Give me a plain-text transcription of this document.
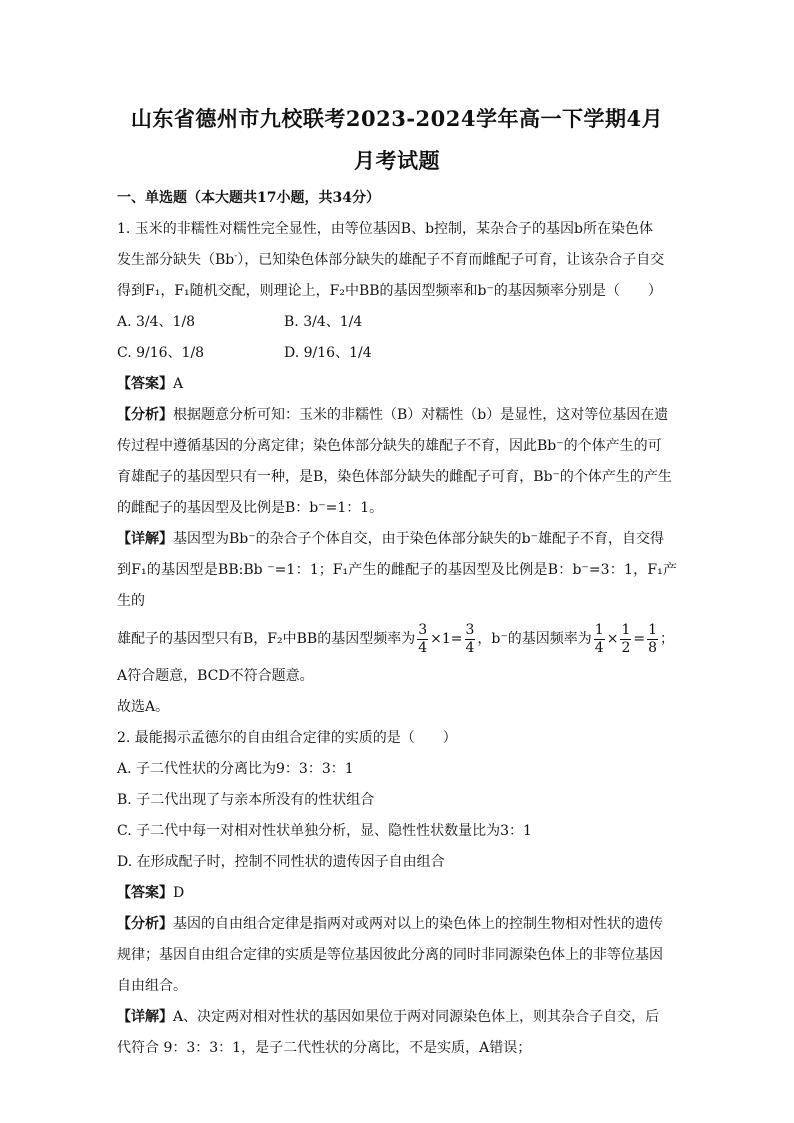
山东省德州市九校联考2023-2024学年高一下学期4月
月考试题

一、单选题（本大题共17小题，共34分）

1. 玉米的非糯性对糯性完全显性，由等位基因B、b控制，某杂合子的基因b所在染色体

发生部分缺失（Bb-），已知染色体部分缺失的雄配子不育而雌配子可育，让该杂合子自交

得到F₁，F₁随机交配，则理论上，F₂中BB的基因型频率和b⁻的基因频率分别是（　　）

A. 3/4、1/8	B. 3/4、1/4
C. 9/16、1/8	D. 9/16、1/4

【答案】A

【分析】根据题意分析可知：玉米的非糯性（B）对糯性（b）是显性，这对等位基因在遗

传过程中遵循基因的分离定律；染色体部分缺失的雄配子不育，因此Bb⁻的个体产生的可

育雄配子的基因型只有一种，是B，染色体部分缺失的雌配子可育，Bb⁻的个体产生的产生

的雌配子的基因型及比例是B：b⁻=1：1。

【详解】基因型为Bb⁻的杂合子个体自交，由于染色体部分缺失的b⁻雄配子不育，自交得

到F₁的基因型是BB:Bb ⁻=1：1；F₁产生的雌配子的基因型及比例是B：b⁻=3：1，F₁产生的

雄配子的基因型只有B，F₂中BB的基因型频率为 $\frac{3}{4} \times 1= \frac{3}{4}$ ，b⁻的基因频率为 $\frac{1}{4} \times \frac{1}{2} = \frac{1}{8}$ ；

A符合题意，BCD不符合题意。

故选A。

2. 最能揭示孟德尔的自由组合定律的实质的是（　　）

A. 子二代性状的分离比为9：3：3：1

B. 子二代出现了与亲本所没有的性状组合

C. 子二代中每一对相对性状单独分析，显、隐性性状数量比为3：1

D. 在形成配子时，控制不同性状的遗传因子自由组合

【答案】D

【分析】基因的自由组合定律是指两对或两对以上的染色体上的控制生物相对性状的遗传

规律；基因自由组合定律的实质是等位基因彼此分离的同时非同源染色体上的非等位基因

自由组合。

【详解】A、决定两对相对性状的基因如果位于两对同源染色体上，则其杂合子自交，后

代符合 9：3：3：1，是子二代性状的分离比，不是实质，A错误；
